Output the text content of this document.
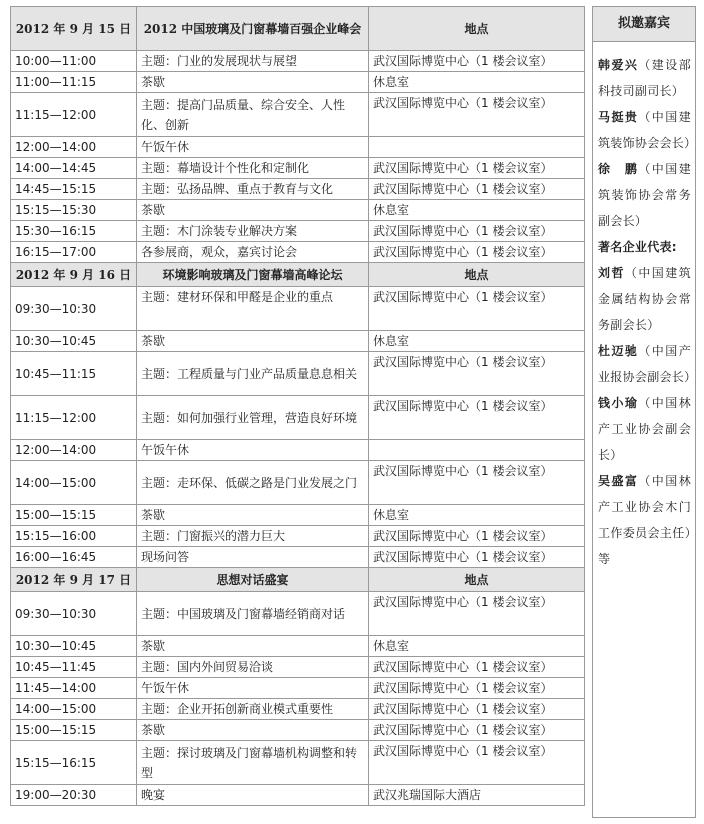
2012 年 9 月 15 日	2012 中国玻璃及门窗幕墙百强企业峰会	地点
10:00—11:00	主题：门业的发展现状与展望	武汉国际博览中心（1 楼会议室）
11:00—11:15	茶歇	休息室
11:15—12:00	主题：提高门品质量、综合安全、人性化、创新	武汉国际博览中心（1 楼会议室）
12:00—14:00	午饭午休	
14:00—14:45	主题：幕墙设计个性化和定制化	武汉国际博览中心（1 楼会议室）
14:45—15:15	主题：弘扬品牌、重点于教育与文化	武汉国际博览中心（1 楼会议室）
15:15—15:30	茶歇	休息室
15:30—16:15	主题：木门涂装专业解决方案	武汉国际博览中心（1 楼会议室）
16:15—17:00	各参展商，观众，嘉宾讨论会	武汉国际博览中心（1 楼会议室）
2012 年 9 月 16 日	环境影响玻璃及门窗幕墙高峰论坛	地点
09:30—10:30	主题：建材环保和甲醛是企业的重点	武汉国际博览中心（1 楼会议室）
10:30—10:45	茶歇	休息室
10:45—11:15	主题：工程质量与门业产品质量息息相关	武汉国际博览中心（1 楼会议室）
11:15—12:00	主题：如何加强行业管理，营造良好环境	武汉国际博览中心（1 楼会议室）
12:00—14:00	午饭午休	
14:00—15:00	主题：走环保、低碳之路是门业发展之门	武汉国际博览中心（1 楼会议室）
15:00—15:15	茶歇	休息室
15:15—16:00	主题：门窗振兴的潜力巨大	武汉国际博览中心（1 楼会议室）
16:00—16:45	现场问答	武汉国际博览中心（1 楼会议室）
2012 年 9 月 17 日	思想对话盛宴	地点
09:30—10:30	主题：中国玻璃及门窗幕墙经销商对话	武汉国际博览中心（1 楼会议室）
10:30—10:45	茶歇	休息室
10:45—11:45	主题：国内外间贸易洽谈	武汉国际博览中心（1 楼会议室）
11:45—14:00	午饭午休	武汉国际博览中心（1 楼会议室）
14:00—15:00	主题：企业开拓创新商业模式重要性	武汉国际博览中心（1 楼会议室）
15:00—15:15	茶歇	武汉国际博览中心（1 楼会议室）
15:15—16:15	主题：探讨玻璃及门窗幕墙机构调整和转型	武汉国际博览中心（1 楼会议室）
19:00—20:30	晚宴	武汉兆瑞国际大酒店
拟邀嘉宾

韩爱兴（建设部科技司副司长）

马挺贵（中国建筑装饰协会会长）

徐　鹏（中国建筑装饰协会常务副会长）

著名企业代表:

刘哲（中国建筑金属结构协会常务副会长）

杜迈驰（中国产业报协会副会长）

钱小瑜（中国林产工业协会副会长）

吴盛富（中国林产工业协会木门工作委员会主任）等
